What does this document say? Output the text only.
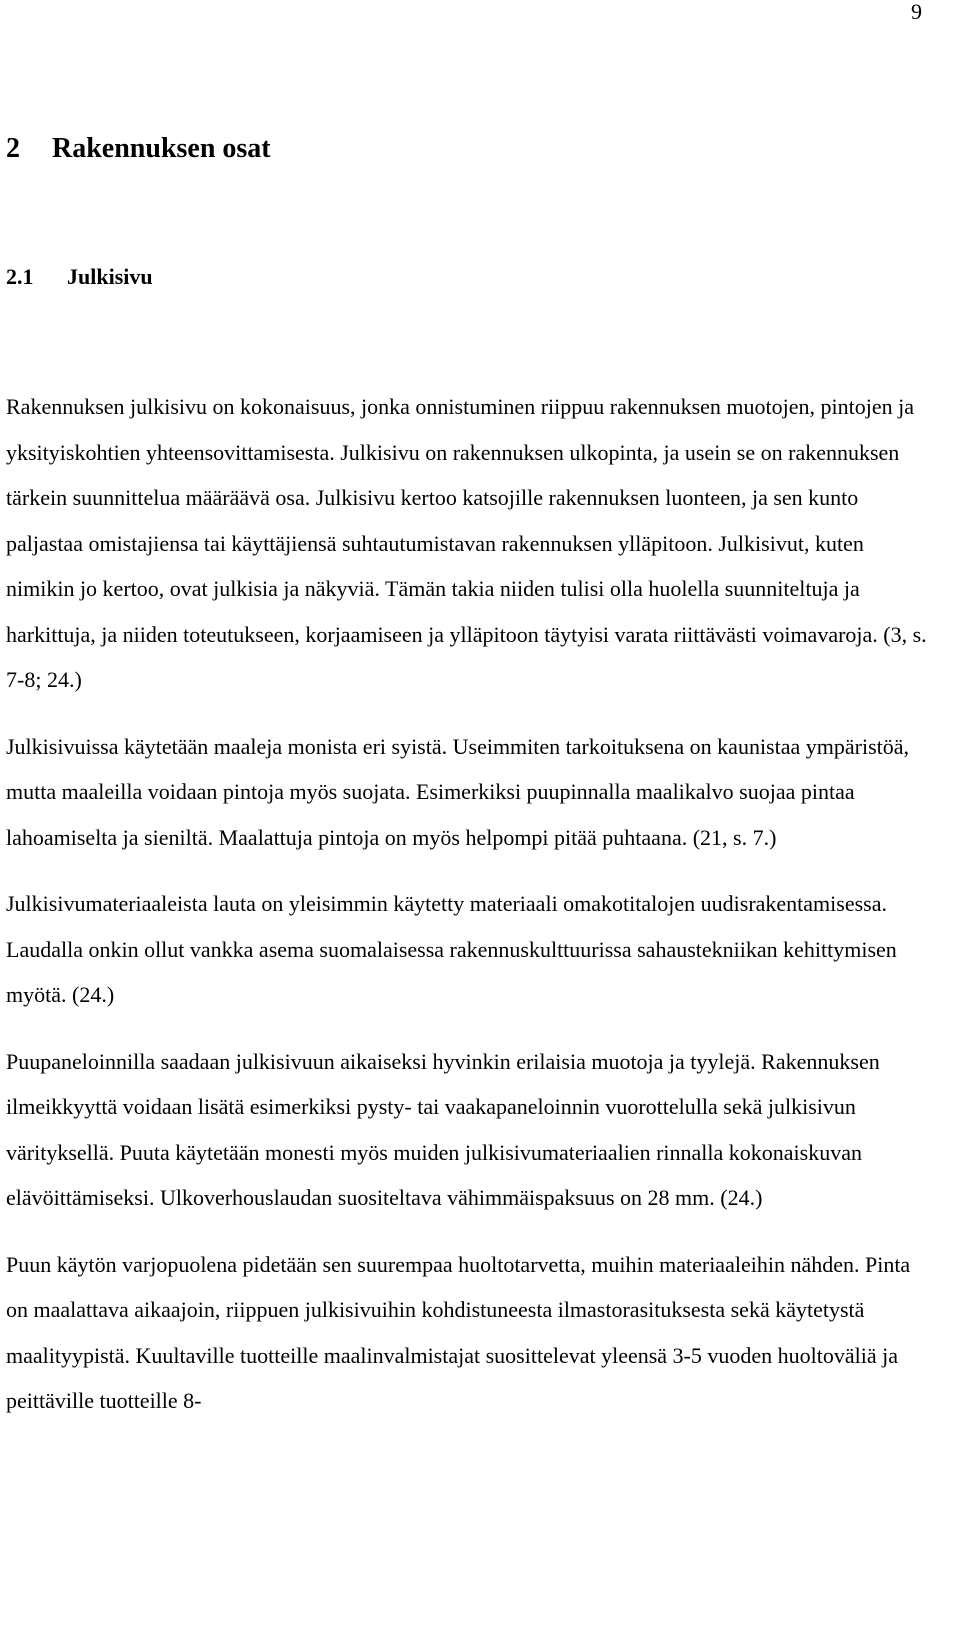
9
2 Rakennuksen osat
2.1 Julkisivu

Rakennuksen julkisivu on kokonaisuus, jonka onnistuminen riippuu rakennuksen muotojen, pintojen ja yksityiskohtien yhteensovittamisesta. Julkisivu on rakennuksen ulkopinta, ja usein se on rakennuksen tärkein suunnittelua määräävä osa. Julkisivu kertoo katsojille rakennuksen luonteen, ja sen kunto paljastaa omistajiensa tai käyttäjiensä suhtautumistavan rakennuksen ylläpitoon. Julkisivut, kuten nimikin jo kertoo, ovat julkisia ja näkyviä. Tämän takia niiden tulisi olla huolella suunniteltuja ja harkittuja, ja niiden toteutukseen, korjaamiseen ja ylläpitoon täytyisi varata riittävästi voimavaroja. (3, s. 7-8; 24.)

Julkisivuissa käytetään maaleja monista eri syistä. Useimmiten tarkoituksena on kaunistaa ympäristöä, mutta maaleilla voidaan pintoja myös suojata. Esimerkiksi puupinnalla maalikalvo suojaa pintaa lahoamiselta ja sieniltä. Maalattuja pintoja on myös helpompi pitää puhtaana. (21, s. 7.)

Julkisivumateriaaleista lauta on yleisimmin käytetty materiaali omakotitalojen uudisrakentamisessa. Laudalla onkin ollut vankka asema suomalaisessa rakennuskulttuurissa sahaustekniikan kehittymisen myötä. (24.)

Puupaneloinnilla saadaan julkisivuun aikaiseksi hyvinkin erilaisia muotoja ja tyylejä. Rakennuksen ilmeikkyyttä voidaan lisätä esimerkiksi pysty- tai vaakapaneloinnin vuorottelulla sekä julkisivun värityksellä. Puuta käytetään monesti myös muiden julkisivumateriaalien rinnalla kokonaiskuvan elävöittämiseksi. Ulkoverhouslaudan suositeltava vähimmäispaksuus on 28 mm. (24.)

Puun käytön varjopuolena pidetään sen suurempaa huoltotarvetta, muihin materiaaleihin nähden. Pinta on maalattava aikaajoin, riippuen julkisivuihin kohdistuneesta ilmastorasituksesta sekä käytetystä maalityypistä. Kuultaville tuotteille maalinvalmistajat suosittelevat yleensä 3-5 vuoden huoltoväliä ja peittäville tuotteille 8-
